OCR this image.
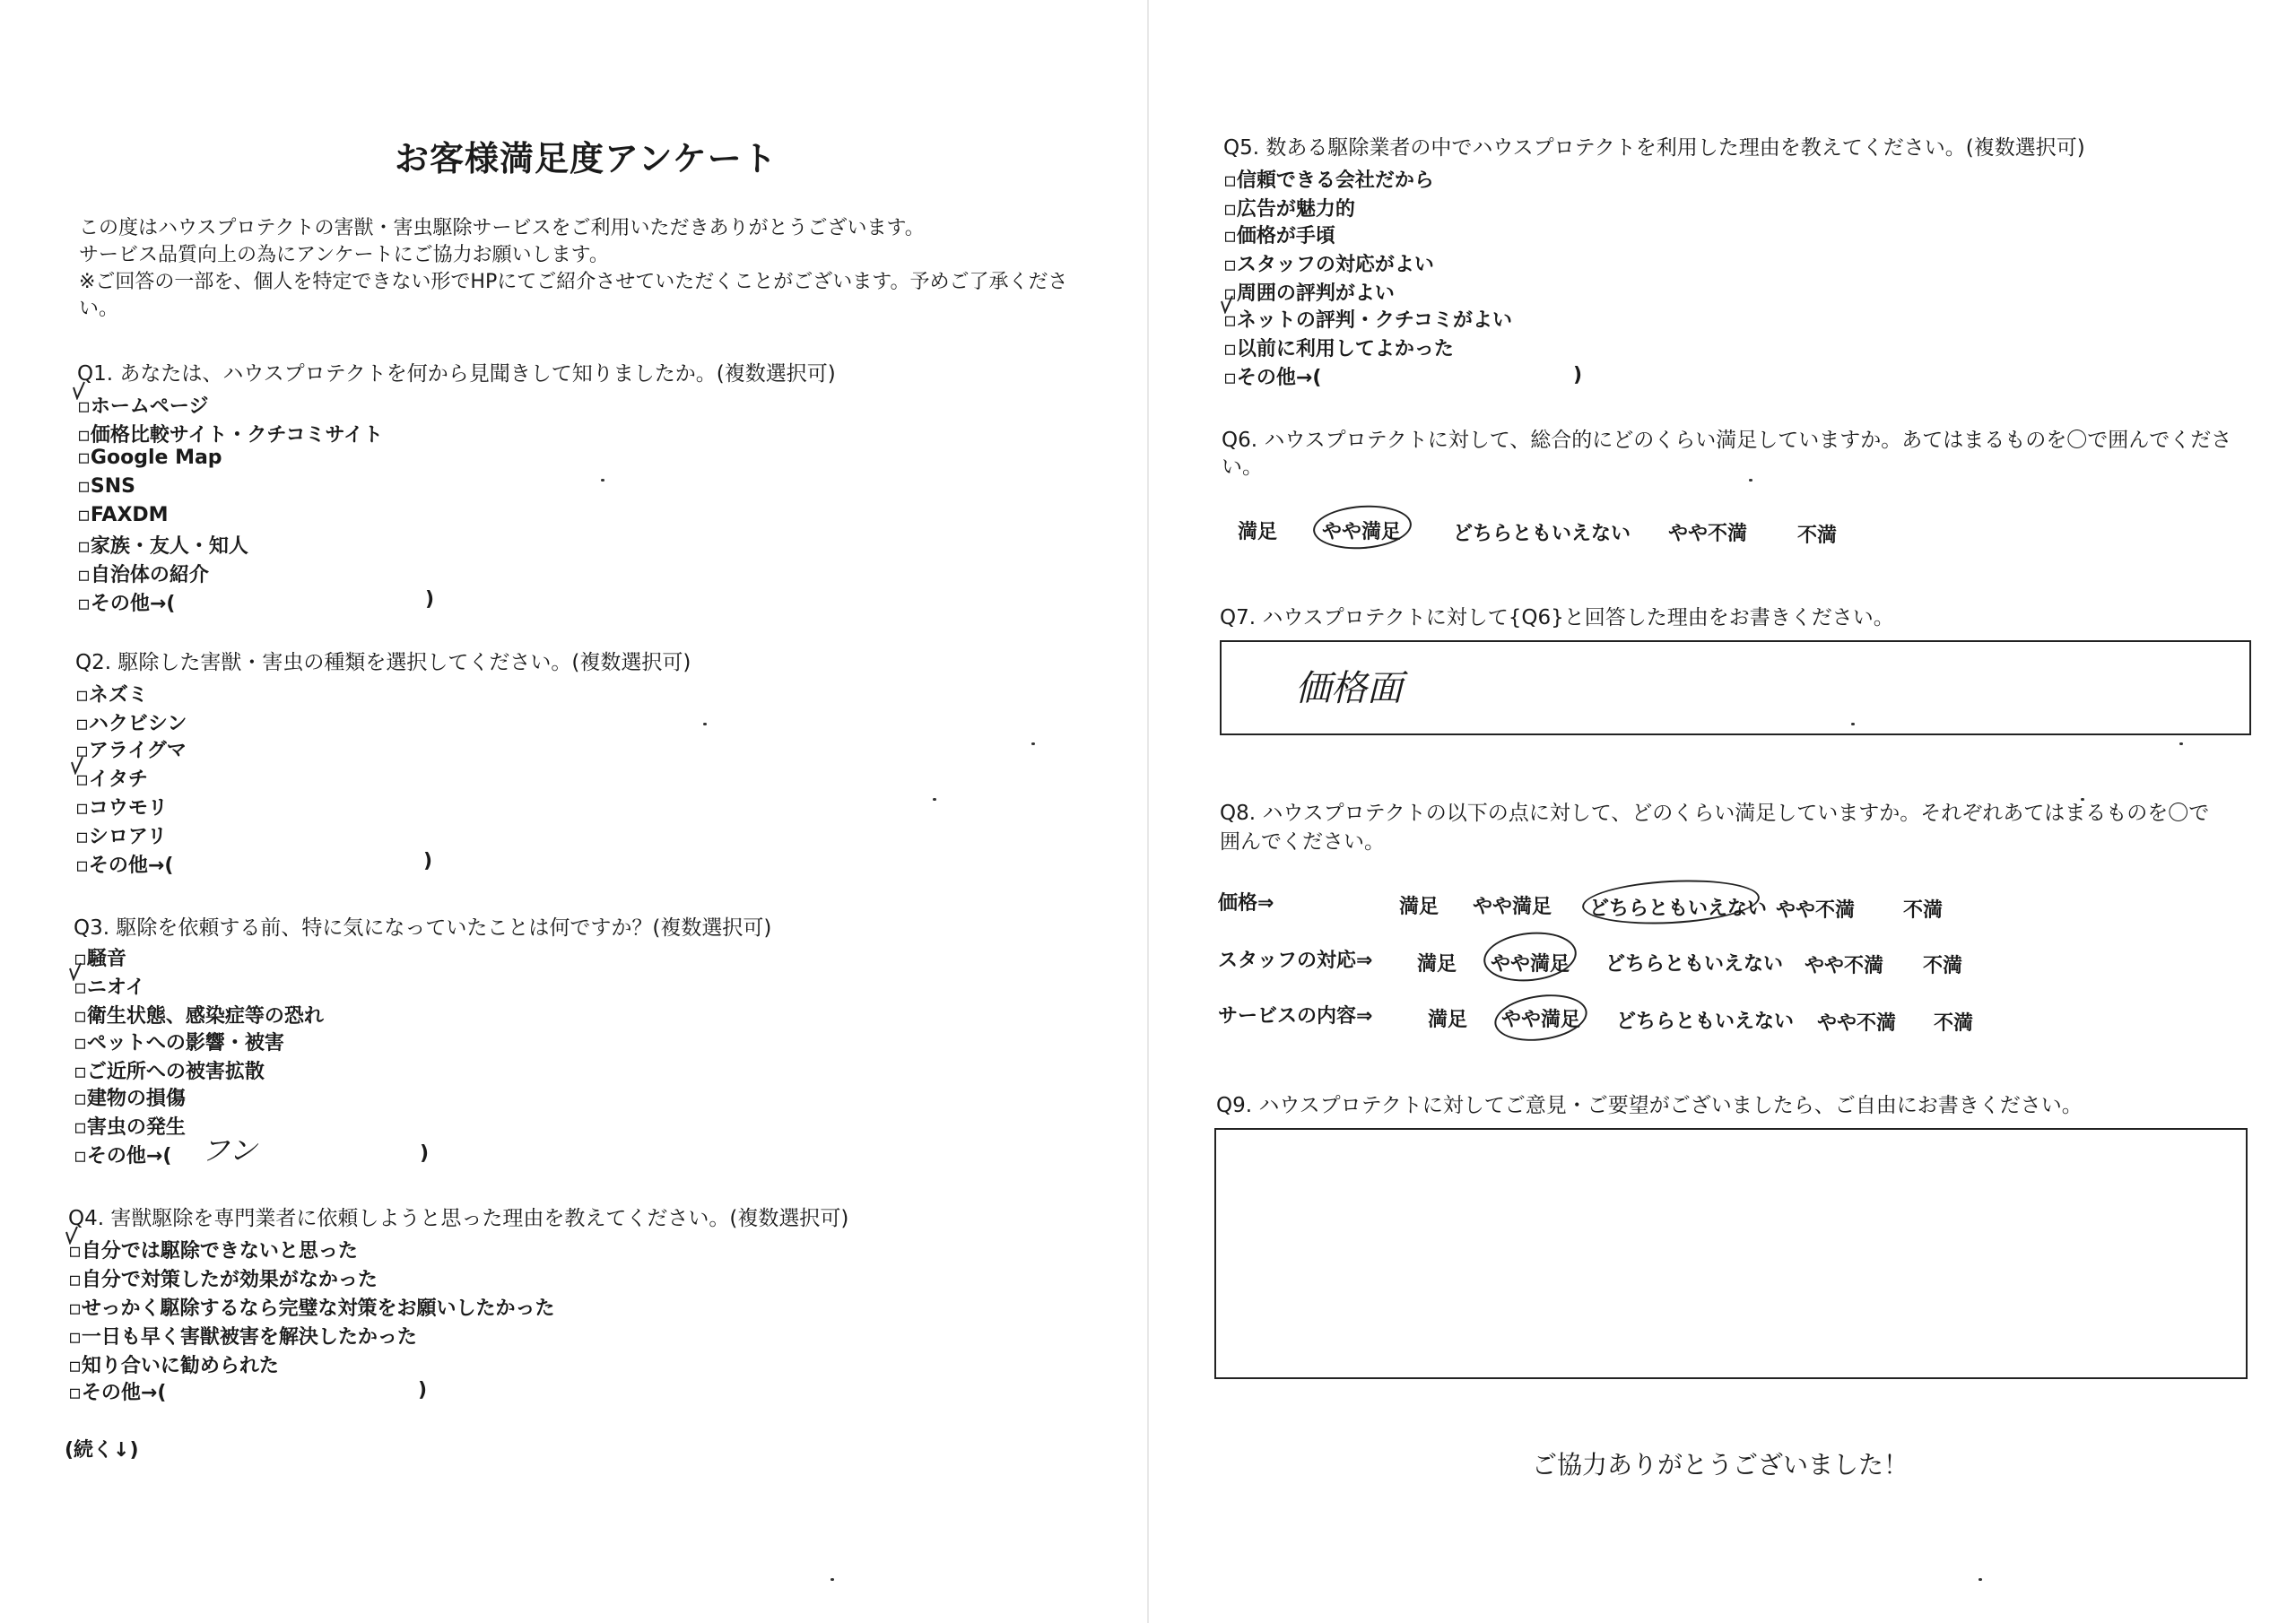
お客様満足度アンケート
この度はハウスプロテクトの害獣・害虫駆除サービスをご利用いただきありがとうございます。
サービス品質向上の為にアンケートにご協力お願いします。
※ご回答の一部を、個人を特定できない形でHPにてご紹介させていただくことがございます。予めご了承くださ
い。
Q1. あなたは、ハウスプロテクトを何から見聞きして知りましたか。(複数選択可)
▫ホームページ
▫価格比較サイト・クチコミサイト
▫Google Map
▫SNS
▫FAXDM
▫家族・友人・知人
▫自治体の紹介
▫その他→(	)
Q2. 駆除した害獣・害虫の種類を選択してください。(複数選択可)
▫ネズミ
▫ハクビシン
▫アライグマ
▫イタチ
▫コウモリ
▫シロアリ
▫その他→(	)
Q3. 駆除を依頼する前、特に気になっていたことは何ですか？(複数選択可)
▫騒音
▫ニオイ
▫衛生状態、感染症等の恐れ
▫ペットへの影響・被害
▫ご近所への被害拡散
▫建物の損傷
▫害虫の発生
▫その他→( フン	)
Q4. 害獣駆除を専門業者に依頼しようと思った理由を教えてください。(複数選択可)
▫自分では駆除できないと思った
▫自分で対策したが効果がなかった
▫せっかく駆除するなら完璧な対策をお願いしたかった
▫一日も早く害獣被害を解決したかった
▫知り合いに勧められた
▫その他→(	)
(続く↓)
Q5. 数ある駆除業者の中でハウスプロテクトを利用した理由を教えてください。(複数選択可)
▫信頼できる会社だから
▫広告が魅力的
▫価格が手頃
▫スタッフの対応がよい
▫周囲の評判がよい
▫ネットの評判・クチコミがよい
▫以前に利用してよかった
▫その他→(	)
Q6. ハウスプロテクトに対して、総合的にどのくらい満足していますか。あてはまるものを〇で囲んでくださ
い。
満足 やや満足	どちらともいえない やや不満	不満
Q7. ハウスプロテクトに対して{Q6}と回答した理由をお書きください。
価格面
Q8. ハウスプロテクトの以下の点に対して、どのくらい満足していますか。それぞれあてはまるものを〇で
囲んでください。
価格⇒	満足 やや満足 どちらともいえない やや不満 不満
スタッフの対応⇒ 満足 やや満足 どちらともいえない やや不満 不満
サービスの内容⇒	満足 やや満足 どちらともいえない やや不満 不満
Q9. ハウスプロテクトに対してご意見・ご要望がございましたら、ご自由にお書きください。
ご協力ありがとうございました！
